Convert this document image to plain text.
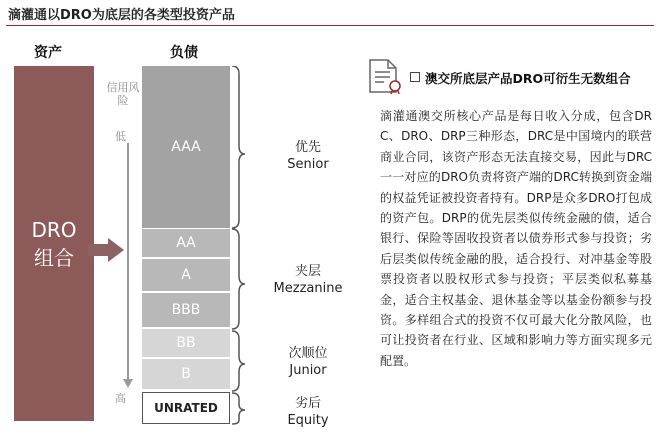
滴灌通以DRO为底层的各类型投资产品
资产	负债
DRO
组合
信用风险
低
高
AAA
AA
A
BBB
BB
B
UNRATED
优先
Senior
夹层
Mezzanine
次顺位
Junior
劣后
Equity
澳交所底层产品DRO可衍生无数组合
滴灌通澳交所核心产品是每日收入分成，包含DRC、DRO、DRP三种形态，DRC是中国境内的联营商业合同，该资产形态无法直接交易，因此与DRC一一对应的DRO负责将资产端的DRC转换到资金端的权益凭证被投资者持有。DRP是众多DRO打包成的资产包。DRP的优先层类似传统金融的债，适合银行、保险等固收投资者以债券形式参与投资；劣后层类似传统金融的股，适合投行、对冲基金等股票投资者以股权形式参与投资；平层类似私募基金，适合主权基金、退休基金等以基金份额参与投资。多样组合式的投资不仅可最大化分散风险，也可让投资者在行业、区域和影响力等方面实现多元配置。
